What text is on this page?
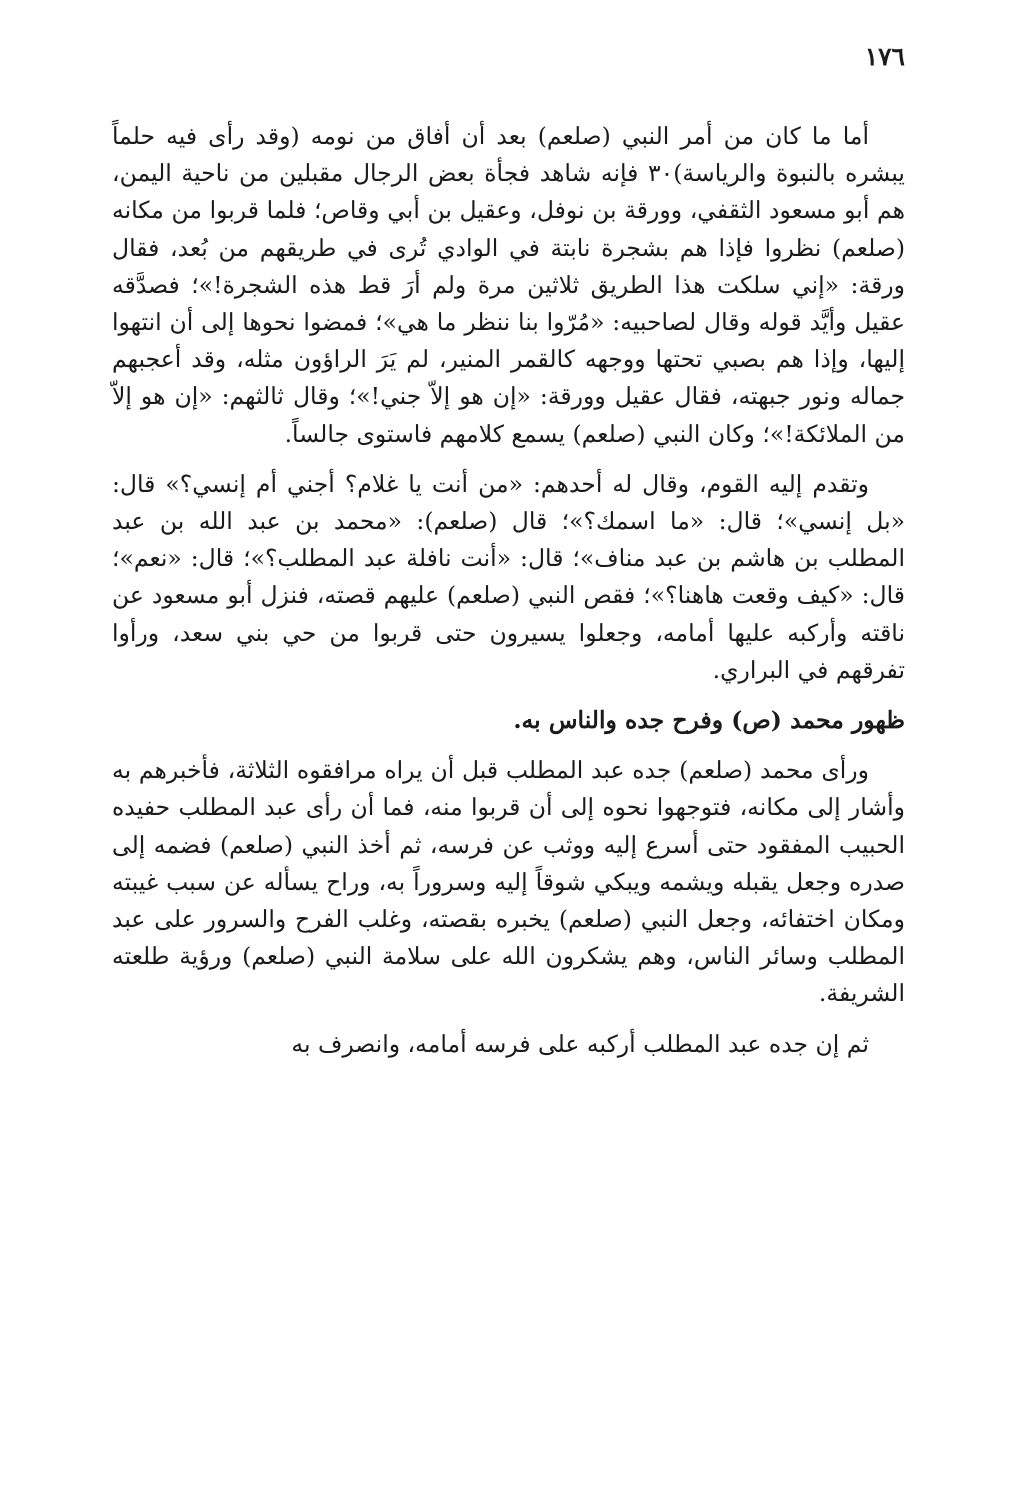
١٧٦

أما ما كان من أمر النبي (صلعم) بعد أن أفاق من نومه (وقد رأى فيه حلماً يبشره بالنبوة والرياسة)٣٠ فإنه شاهد فجأة بعض الرجال مقبلين من ناحية اليمن، هم أبو مسعود الثقفي، وورقة بن نوفل، وعقيل بن أبي وقاص؛ فلما قربوا من مكانه (صلعم) نظروا فإذا هم بشجرة نابتة في الوادي تُرى في طريقهم من بُعد، فقال ورقة: «إني سلكت هذا الطريق ثلاثين مرة ولم أرَ قط هذه الشجرة!»؛ فصدَّقه عقيل وأيَّد قوله وقال لصاحبيه: «مُرّوا بنا ننظر ما هي»؛ فمضوا نحوها إلى أن انتهوا إليها، وإذا هم بصبي تحتها ووجهه كالقمر المنير، لم يَرَ الراؤون مثله، وقد أعجبهم جماله ونور جبهته، فقال عقيل وورقة: «إن هو إلاّ جني!»؛ وقال ثالثهم: «إن هو إلاّ من الملائكة!»؛ وكان النبي (صلعم) يسمع كلامهم فاستوى جالساً.

وتقدم إليه القوم، وقال له أحدهم: «من أنت يا غلام؟ أجني أم إنسي؟» قال: «بل إنسي»؛ قال: «ما اسمك؟»؛ قال (صلعم): «محمد بن عبد الله بن عبد المطلب بن هاشم بن عبد مناف»؛ قال: «أنت نافلة عبد المطلب؟»؛ قال: «نعم»؛ قال: «كيف وقعت هاهنا؟»؛ فقص النبي (صلعم) عليهم قصته، فنزل أبو مسعود عن ناقته وأركبه عليها أمامه، وجعلوا يسيرون حتى قربوا من حي بني سعد، ورأوا تفرقهم في البراري.

ظهور محمد (ص) وفرح جده والناس به.

ورأى محمد (صلعم) جده عبد المطلب قبل أن يراه مرافقوه الثلاثة، فأخبرهم به وأشار إلى مكانه، فتوجهوا نحوه إلى أن قربوا منه، فما أن رأى عبد المطلب حفيده الحبيب المفقود حتى أسرع إليه ووثب عن فرسه، ثم أخذ النبي (صلعم) فضمه إلى صدره وجعل يقبله ويشمه ويبكي شوقاً إليه وسروراً به، وراح يسأله عن سبب غيبته ومكان اختفائه، وجعل النبي (صلعم) يخبره بقصته، وغلب الفرح والسرور على عبد المطلب وسائر الناس، وهم يشكرون الله على سلامة النبي (صلعم) ورؤية طلعته الشريفة.

ثم إن جده عبد المطلب أركبه على فرسه أمامه، وانصرف به
